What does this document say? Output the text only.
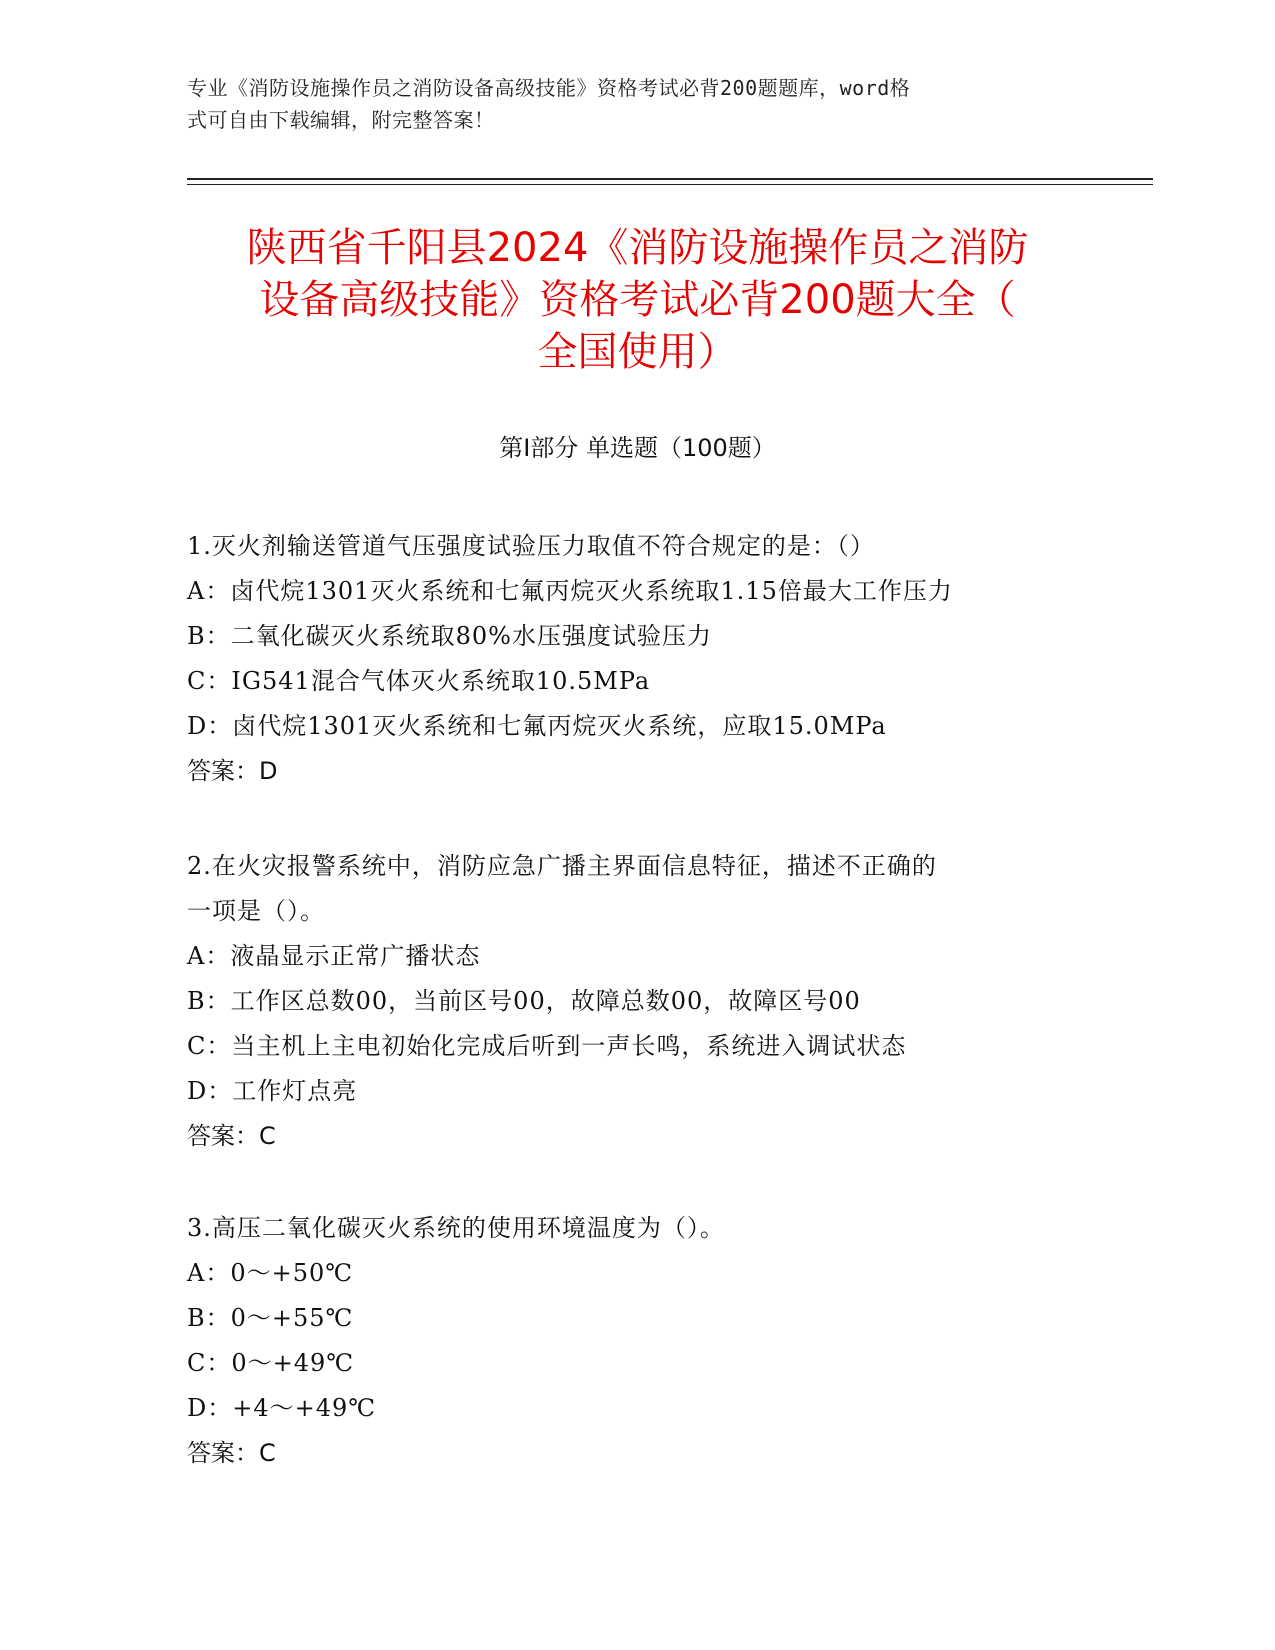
专业《消防设施操作员之消防设备高级技能》资格考试必背200题题库，word格
式可自由下载编辑，附完整答案！
陕西省千阳县2024《消防设施操作员之消防
设备高级技能》资格考试必背200题大全（
全国使用）
第Ⅰ部分 单选题（100题）
1.灭火剂输送管道气压强度试验压力取值不符合规定的是：（）
A：卤代烷1301灭火系统和七氟丙烷灭火系统取1.15倍最大工作压力
B：二氧化碳灭火系统取80%水压强度试验压力
C：IG541混合气体灭火系统取10.5MPa
D：卤代烷1301灭火系统和七氟丙烷灭火系统，应取15.0MPa
答案：D
2.在火灾报警系统中，消防应急广播主界面信息特征，描述不正确的
一项是（）。
A：液晶显示正常广播状态
B：工作区总数00，当前区号00，故障总数00，故障区号00
C：当主机上主电初始化完成后听到一声长鸣，系统进入调试状态
D：工作灯点亮
答案：C
3.高压二氧化碳灭火系统的使用环境温度为（）。
A：0～+50℃
B：0～+55℃
C：0～+49℃
D：+4～+49℃
答案：C
